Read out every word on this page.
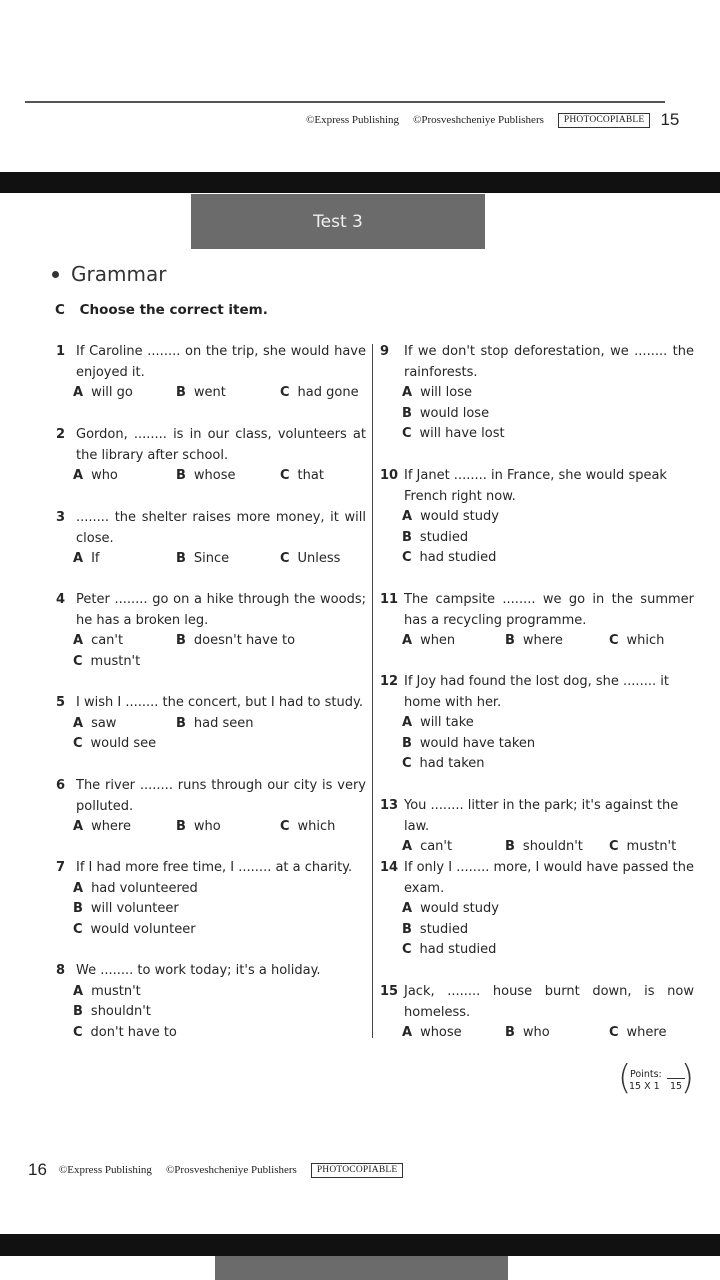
©Express Publishing ©Prosveshcheniye Publishers	PHOTOCOPIABLE 15
Test 3
Grammar
C Choose the correct item.
1 If Caroline ........ on the trip, she would have enjoyed it.
A will go	B went	C had gone
2 Gordon, ........ is in our class, volunteers at the library after school.
A who	B whose	C that
3 ........ the shelter raises more money, it will close.
A If	B Since	C Unless
4 Peter ........ go on a hike through the woods; he has a broken leg.
A can't	B doesn't have to
C mustn't
5 I wish I ........ the concert, but I had to study.
A saw	B had seen
C would see
6 The river ........ runs through our city is very polluted.
A where	B who	C which
7 If I had more free time, I ........ at a charity.
A had volunteered
B will volunteer
C would volunteer
8 We ........ to work today; it's a holiday.
A mustn't
B shouldn't
C don't have to
9	If we don't stop deforestation, we ........ the rainforests.
A will lose
B would lose
C will have lost
10 If Janet ........ in France, she would speak French right now.
A would study
B studied
C had studied
11 The campsite ........ we go in the summer has a recycling programme.
A when	B where	C which
12 If Joy had found the lost dog, she ........ it home with her.
A will take
B would have taken
C had taken
13 You ........ litter in the park; it's against the law.
A can't	B shouldn't C mustn't
14 If only I ........ more, I would have passed the exam.
A would study
B studied
C had studied
15 Jack, ........ house burnt down, is now homeless.
A whose	B who	C where
(
Points:
15 X 1 15
)
16 ©Express Publishing ©Prosveshcheniye Publishers	PHOTOCOPIABLE
